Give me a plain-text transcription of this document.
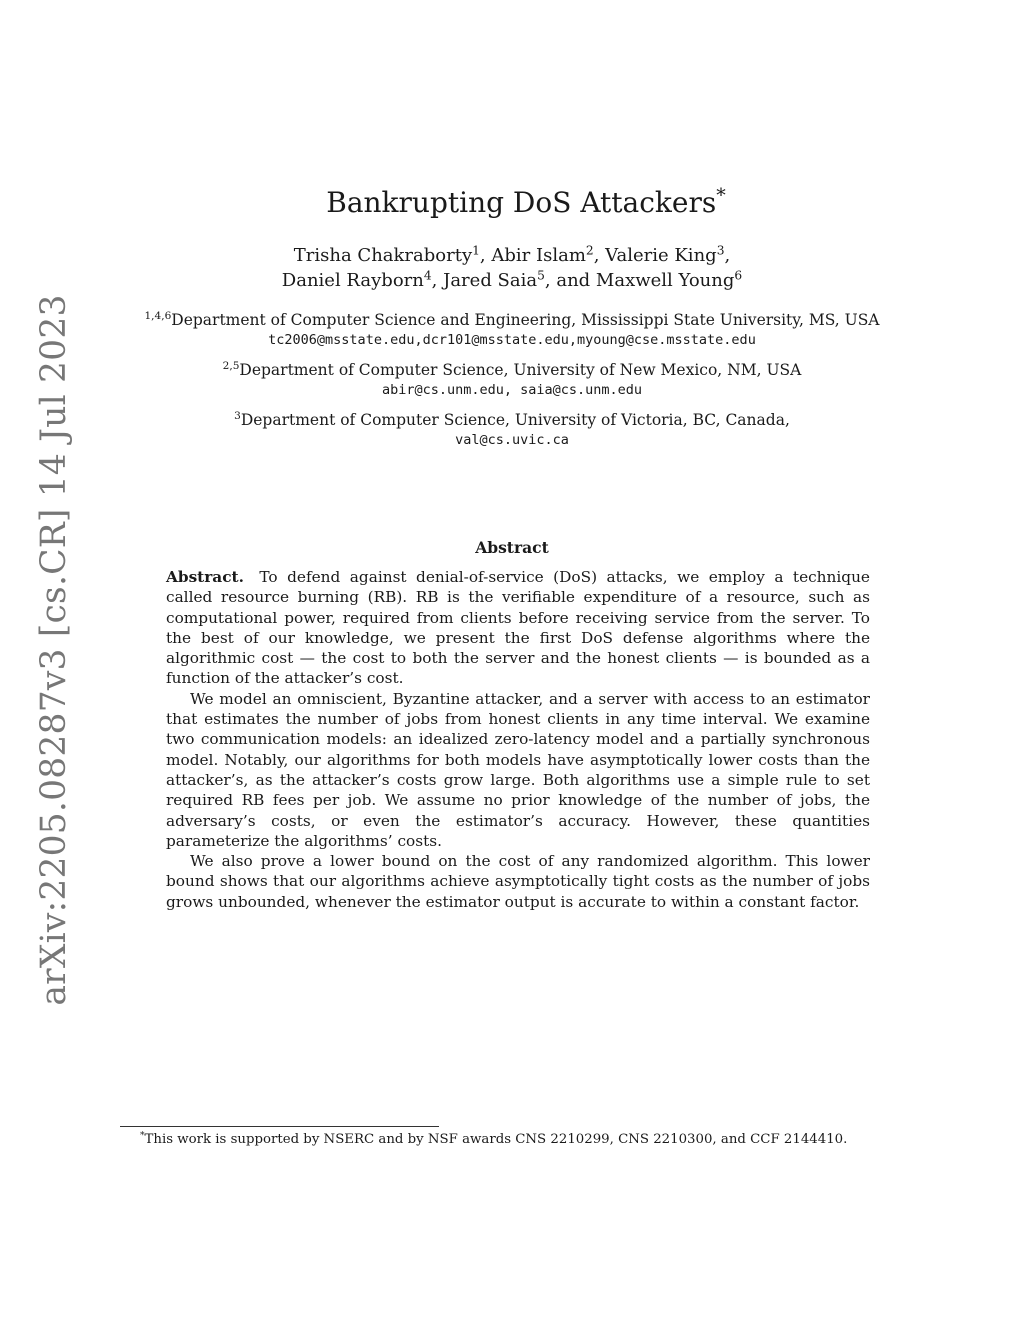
arXiv:2205.08287v3 [cs.CR] 14 Jul 2023
Bankrupting DoS Attackers*
Trisha Chakraborty$^1$, Abir Islam$^2$, Valerie King$^3$,
Daniel Rayborn$^4$, Jared Saia$^5$, and Maxwell Young$^6$
$^{1,4,6}$Department of Computer Science and Engineering, Mississippi State University, MS, USA
tc2006@msstate.edu,dcr101@msstate.edu,myoung@cse.msstate.edu
$^{2,5}$Department of Computer Science, University of New Mexico, NM, USA
abir@cs.unm.edu, saia@cs.unm.edu
$^3$Department of Computer Science, University of Victoria, BC, Canada,
val@cs.uvic.ca
Abstract

Abstract. To defend against denial-of-service (DoS) attacks, we employ a technique called resource burning (RB). RB is the verifiable expenditure of a resource, such as computational power, required from clients before receiving service from the server. To the best of our knowledge, we present the first DoS defense algorithms where the algorithmic cost — the cost to both the server and the honest clients — is bounded as a function of the attacker’s cost.

We model an omniscient, Byzantine attacker, and a server with access to an estimator that estimates the number of jobs from honest clients in any time interval. We examine two communication models: an idealized zero-latency model and a partially synchronous model. Notably, our algorithms for both models have asymptotically lower costs than the attacker’s, as the attacker’s costs grow large. Both algorithms use a simple rule to set required RB fees per job. We assume no prior knowledge of the number of jobs, the adversary’s costs, or even the estimator’s accuracy. However, these quantities parameterize the algorithms’ costs.

We also prove a lower bound on the cost of any randomized algorithm. This lower bound shows that our algorithms achieve asymptotically tight costs as the number of jobs grows unbounded, whenever the estimator output is accurate to within a constant factor.

*This work is supported by NSERC and by NSF awards CNS 2210299, CNS 2210300, and CCF 2144410.
